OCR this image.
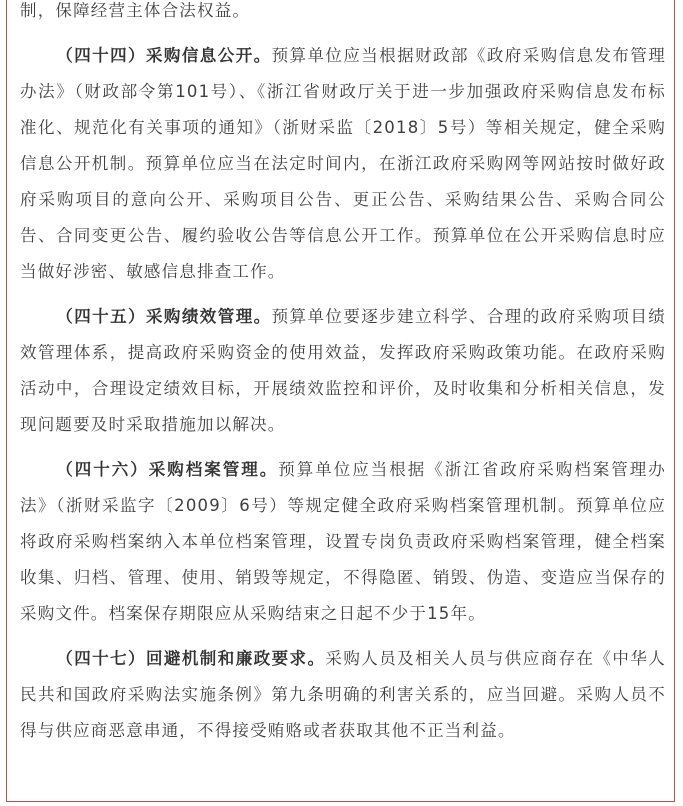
制，保障经营主体合法权益。

（四十四）采购信息公开。预算单位应当根据财政部《政府采购信息发布管理办法》（财政部令第101号）、《浙江省财政厅关于进一步加强政府采购信息发布标准化、规范化有关事项的通知》（浙财采监〔2018〕5号）等相关规定，健全采购信息公开机制。预算单位应当在法定时间内，在浙江政府采购网等网站按时做好政府采购项目的意向公开、采购项目公告、更正公告、采购结果公告、采购合同公告、合同变更公告、履约验收公告等信息公开工作。预算单位在公开采购信息时应当做好涉密、敏感信息排查工作。

（四十五）采购绩效管理。预算单位要逐步建立科学、合理的政府采购项目绩效管理体系，提高政府采购资金的使用效益，发挥政府采购政策功能。在政府采购活动中，合理设定绩效目标，开展绩效监控和评价，及时收集和分析相关信息，发现问题要及时采取措施加以解决。

（四十六）采购档案管理。预算单位应当根据《浙江省政府采购档案管理办法》（浙财采监字〔2009〕6号）等规定健全政府采购档案管理机制。预算单位应将政府采购档案纳入本单位档案管理，设置专岗负责政府采购档案管理，健全档案收集、归档、管理、使用、销毁等规定，不得隐匿、销毁、伪造、变造应当保存的采购文件。档案保存期限应从采购结束之日起不少于15年。

（四十七）回避机制和廉政要求。采购人员及相关人员与供应商存在《中华人民共和国政府采购法实施条例》第九条明确的利害关系的，应当回避。采购人员不得与供应商恶意串通，不得接受贿赂或者获取其他不正当利益。
